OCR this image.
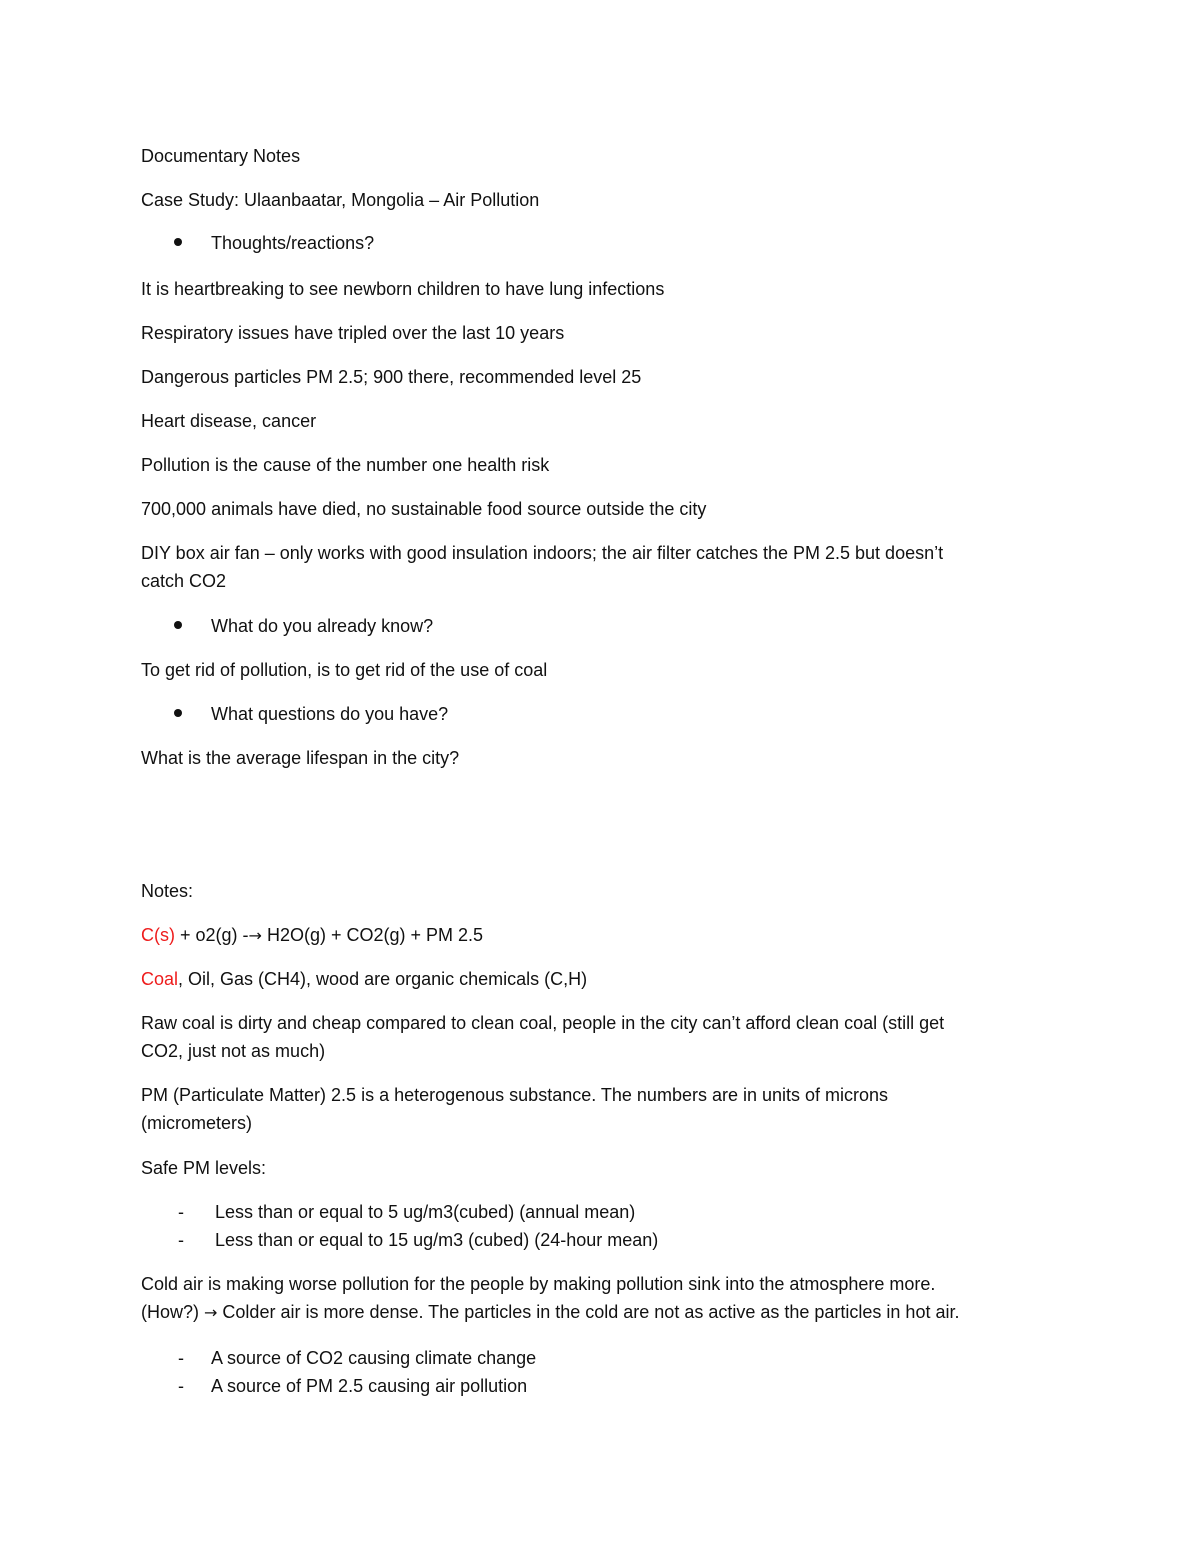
Documentary Notes
Case Study: Ulaanbaatar, Mongolia – Air Pollution
Thoughts/reactions?
It is heartbreaking to see newborn children to have lung infections
Respiratory issues have tripled over the last 10 years
Dangerous particles PM 2.5; 900 there, recommended level 25
Heart disease, cancer
Pollution is the cause of the number one health risk
700,000 animals have died, no sustainable food source outside the city
DIY box air fan – only works with good insulation indoors; the air filter catches the PM 2.5 but doesn’t
catch CO2
What do you already know?
To get rid of pollution, is to get rid of the use of coal
What questions do you have?
What is the average lifespan in the city?
Notes:
C(s) + o2(g) -→ H2O(g) + CO2(g) + PM 2.5
Coal, Oil, Gas (CH4), wood are organic chemicals (C,H)
Raw coal is dirty and cheap compared to clean coal, people in the city can’t afford clean coal (still get
CO2, just not as much)
PM (Particulate Matter) 2.5 is a heterogenous substance. The numbers are in units of microns
(micrometers)
Safe PM levels:
- Less than or equal to 5 ug/m3(cubed) (annual mean)
- Less than or equal to 15 ug/m3 (cubed) (24-hour mean)
Cold air is making worse pollution for the people by making pollution sink into the atmosphere more.
(How?) → Colder air is more dense. The particles in the cold are not as active as the particles in hot air.
- A source of CO2 causing climate change
- A source of PM 2.5 causing air pollution
